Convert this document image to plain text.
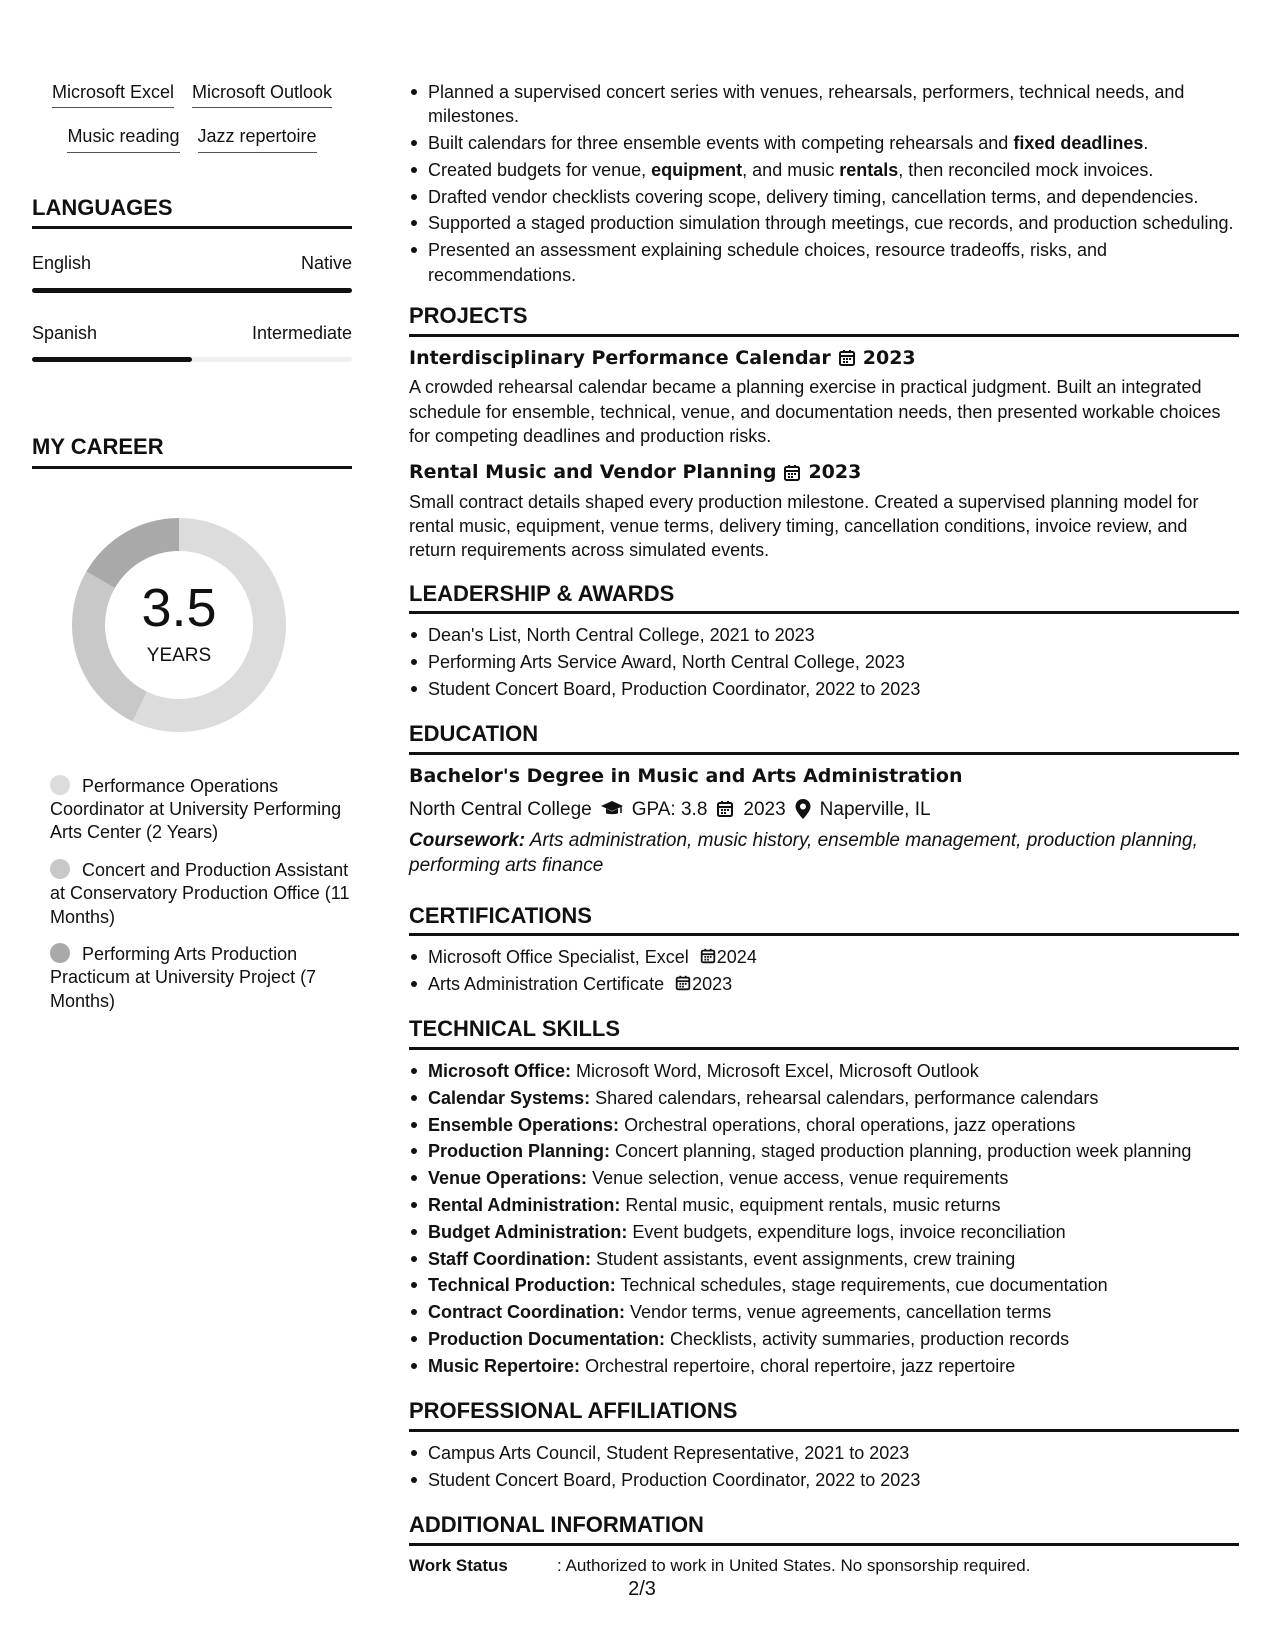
Microsoft Excel Microsoft Outlook
Music reading Jazz repertoire
LANGUAGES
English	Native
Spanish	Intermediate
MY CAREER
3.5
YEARS
Performance Operations Coordinator at University Performing Arts Center (2 Years)
Concert and Production Assistant at Conservatory Production Office (11 Months)
Performing Arts Production Practicum at University Project (7 Months)
Planned a supervised concert series with venues, rehearsals, performers, technical needs, and milestones.
Built calendars for three ensemble events with competing rehearsals and fixed deadlines.
Created budgets for venue, equipment, and music rentals, then reconciled mock invoices.
Drafted vendor checklists covering scope, delivery timing, cancellation terms, and dependencies.
Supported a staged production simulation through meetings, cue records, and production scheduling.
Presented an assessment explaining schedule choices, resource tradeoffs, risks, and recommendations.
PROJECTS
Interdisciplinary Performance Calendar 2023
A crowded rehearsal calendar became a planning exercise in practical judgment. Built an integrated schedule for ensemble, technical, venue, and documentation needs, then presented workable choices for competing deadlines and production risks.
Rental Music and Vendor Planning 2023
Small contract details shaped every production milestone. Created a supervised planning model for rental music, equipment, venue terms, delivery timing, cancellation conditions, invoice review, and return requirements across simulated events.
LEADERSHIP & AWARDS
Dean's List, North Central College, 2021 to 2023
Performing Arts Service Award, North Central College, 2023
Student Concert Board, Production Coordinator, 2022 to 2023
EDUCATION
Bachelor's Degree in Music and Arts Administration
North Central College GPA: 3.8 2023 Naperville, IL
Coursework: Arts administration, music history, ensemble management, production planning, performing arts finance
CERTIFICATIONS
Microsoft Office Specialist, Excel 2024
Arts Administration Certificate 2023
TECHNICAL SKILLS
Microsoft Office: Microsoft Word, Microsoft Excel, Microsoft Outlook
Calendar Systems: Shared calendars, rehearsal calendars, performance calendars
Ensemble Operations: Orchestral operations, choral operations, jazz operations
Production Planning: Concert planning, staged production planning, production week planning
Venue Operations: Venue selection, venue access, venue requirements
Rental Administration: Rental music, equipment rentals, music returns
Budget Administration: Event budgets, expenditure logs, invoice reconciliation
Staff Coordination: Student assistants, event assignments, crew training
Technical Production: Technical schedules, stage requirements, cue documentation
Contract Coordination: Vendor terms, venue agreements, cancellation terms
Production Documentation: Checklists, activity summaries, production records
Music Repertoire: Orchestral repertoire, choral repertoire, jazz repertoire
PROFESSIONAL AFFILIATIONS
Campus Arts Council, Student Representative, 2021 to 2023
Student Concert Board, Production Coordinator, 2022 to 2023
ADDITIONAL INFORMATION
Work Status	: Authorized to work in United States. No sponsorship required.
2/3
